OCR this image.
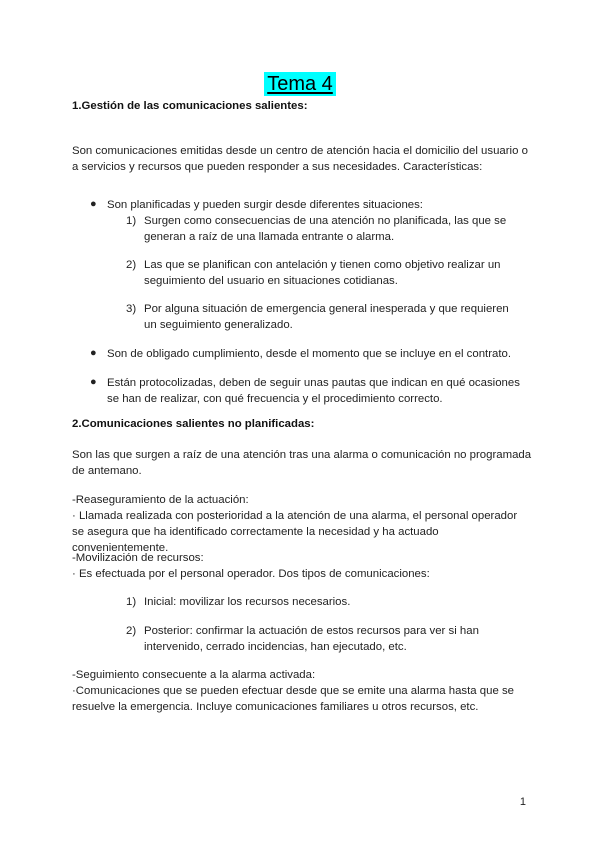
Tema 4
1.Gestión de las comunicaciones salientes:
Son comunicaciones emitidas desde un centro de atención hacia el domicilio del usuario o a servicios y recursos que pueden responder a sus necesidades. Características:
● Son planificadas y pueden surgir desde diferentes situaciones:
1) Surgen como consecuencias de una atención no planificada, las que se generan a raíz de una llamada entrante o alarma.
2) Las que se planifican con antelación y tienen como objetivo realizar un seguimiento del usuario en situaciones cotidianas.
3) Por alguna situación de emergencia general inesperada y que requieren un seguimiento generalizado.
● Son de obligado cumplimiento, desde el momento que se incluye en el contrato.
● Están protocolizadas, deben de seguir unas pautas que indican en qué ocasiones se han de realizar, con qué frecuencia y el procedimiento correcto.
2.Comunicaciones salientes no planificadas:
Son las que surgen a raíz de una atención tras una alarma o comunicación no programada de antemano.
-Reaseguramiento de la actuación:
· Llamada realizada con posterioridad a la atención de una alarma, el personal operador se asegura que ha identificado correctamente la necesidad y ha actuado convenientemente.
-Movilización de recursos:
· Es efectuada por el personal operador. Dos tipos de comunicaciones:
1) Inicial: movilizar los recursos necesarios.
2) Posterior: confirmar la actuación de estos recursos para ver si han intervenido, cerrado incidencias, han ejecutado, etc.
-Seguimiento consecuente a la alarma activada:
·Comunicaciones que se pueden efectuar desde que se emite una alarma hasta que se resuelve la emergencia. Incluye comunicaciones familiares u otros recursos, etc.
1
